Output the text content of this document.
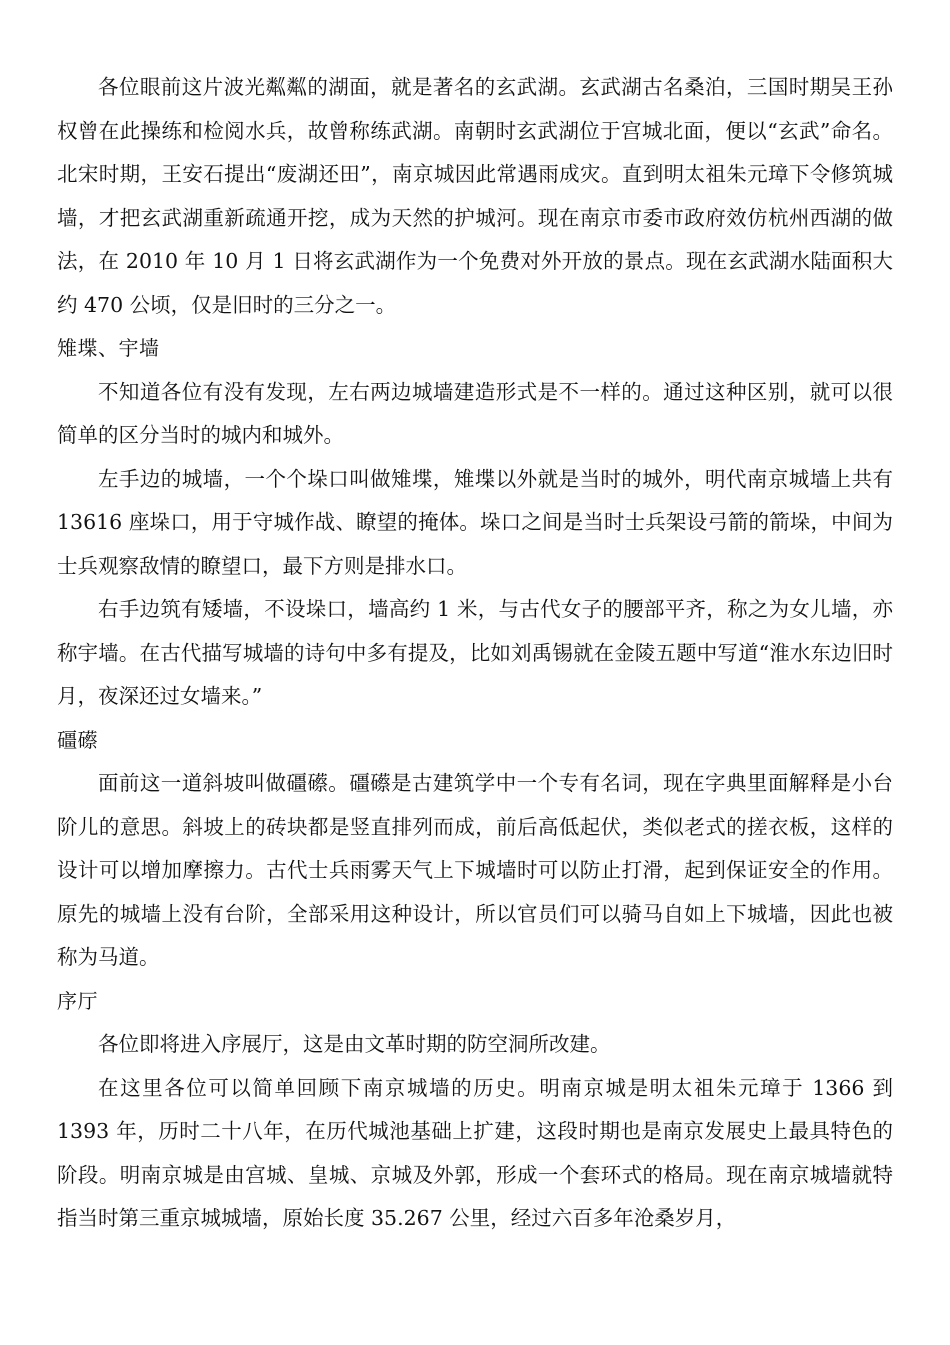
各位眼前这片波光粼粼的湖面，就是著名的玄武湖。玄武湖古名桑泊，三国时期吴王孙权曾在此操练和检阅水兵，故曾称练武湖。南朝时玄武湖位于宫城北面，便以“玄武”命名。北宋时期，王安石提出“废湖还田”，南京城因此常遇雨成灾。直到明太祖朱元璋下令修筑城墙，才把玄武湖重新疏通开挖，成为天然的护城河。现在南京市委市政府效仿杭州西湖的做法，在 2010 年 10 月 1 日将玄武湖作为一个免费对外开放的景点。现在玄武湖水陆面积大约 470 公顷，仅是旧时的三分之一。

雉堞、宇墙

不知道各位有没有发现，左右两边城墙建造形式是不一样的。通过这种区别，就可以很简单的区分当时的城内和城外。

左手边的城墙，一个个垛口叫做雉堞，雉堞以外就是当时的城外，明代南京城墙上共有 13616 座垛口，用于守城作战、瞭望的掩体。垛口之间是当时士兵架设弓箭的箭垛，中间为士兵观察敌情的瞭望口，最下方则是排水口。

右手边筑有矮墙，不设垛口，墙高约 1 米，与古代女子的腰部平齐，称之为女儿墙，亦称宇墙。在古代描写城墙的诗句中多有提及，比如刘禹锡就在金陵五题中写道“淮水东边旧时月，夜深还过女墙来。”

礓礤

面前这一道斜坡叫做礓礤。礓礤是古建筑学中一个专有名词，现在字典里面解释是小台阶儿的意思。斜坡上的砖块都是竖直排列而成，前后高低起伏，类似老式的搓衣板，这样的设计可以增加摩擦力。古代士兵雨雾天气上下城墙时可以防止打滑，起到保证安全的作用。原先的城墙上没有台阶，全部采用这种设计，所以官员们可以骑马自如上下城墙，因此也被称为马道。

序厅

各位即将进入序展厅，这是由文革时期的防空洞所改建。

在这里各位可以简单回顾下南京城墙的历史。明南京城是明太祖朱元璋于 1366 到 1393 年，历时二十八年，在历代城池基础上扩建，这段时期也是南京发展史上最具特色的阶段。明南京城是由宫城、皇城、京城及外郭，形成一个套环式的格局。现在南京城墙就特指当时第三重京城城墙，原始长度 35.267 公里，经过六百多年沧桑岁月，
